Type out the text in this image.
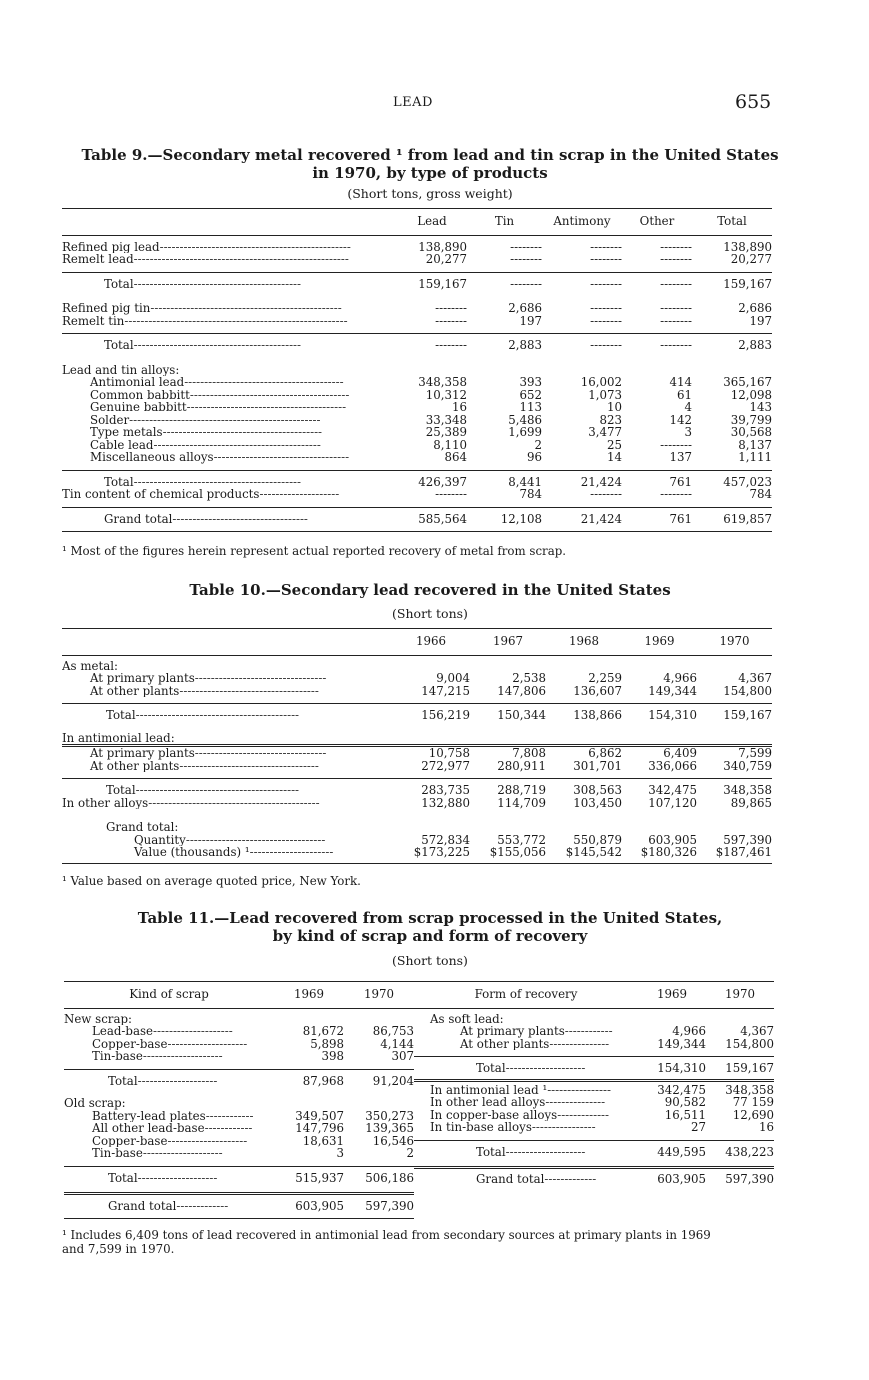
LEAD	655
Table 9.—Secondary metal recovered ¹ from lead and tin scrap in the United States
in 1970, by type of products
(Short tons, gross weight)
	Lead	Tin	Antimony	Other	Total

Refined pig lead------------------------------------------------	138,890	--------	--------	--------	138,890
Remelt lead------------------------------------------------------	20,277	--------	--------	--------	20,277

Total------------------------------------------	159,167	--------	--------	--------	159,167

Refined pig tin------------------------------------------------	--------	2,686	--------	--------	2,686
Remelt tin--------------------------------------------------------	--------	197	--------	--------	197

Total------------------------------------------	--------	2,883	--------	--------	2,883

Lead and tin alloys:					
Antimonial lead----------------------------------------	348,358	393	16,002	414	365,167
Common babbitt----------------------------------------	10,312	652	1,073	61	12,098
Genuine babbitt----------------------------------------	16	113	10	4	143
Solder------------------------------------------------	33,348	5,486	823	142	39,799
Type metals----------------------------------------	25,389	1,699	3,477	3	30,568
Cable lead------------------------------------------	8,110	2	25	--------	8,137
Miscellaneous alloys----------------------------------	864	96	14	137	1,111

Total------------------------------------------	426,397	8,441	21,424	761	457,023
Tin content of chemical products--------------------	--------	784	--------	--------	784

Grand total----------------------------------	585,564	12,108	21,424	761	619,857
¹ Most of the figures herein represent actual reported recovery of metal from scrap.
Table 10.—Secondary lead recovered in the United States
(Short tons)
	1966	1967	1968	1969	1970

As metal:					
At primary plants---------------------------------	9,004	2,538	2,259	4,966	4,367
At other plants-----------------------------------	147,215	147,806	136,607	149,344	154,800

Total-----------------------------------------	156,219	150,344	138,866	154,310	159,167

In antimonial lead:					
At primary plants---------------------------------	10,758	7,808	6,862	6,409	7,599
At other plants-----------------------------------	272,977	280,911	301,701	336,066	340,759

Total-----------------------------------------	283,735	288,719	308,563	342,475	348,358
In other alloys-------------------------------------------	132,880	114,709	103,450	107,120	89,865

Grand total:					
Quantity-----------------------------------	572,834	553,772	550,879	603,905	597,390
Value (thousands) ¹---------------------	$173,225	$155,056	$145,542	$180,326	$187,461
¹ Value based on average quoted price, New York.
Table 11.—Lead recovered from scrap processed in the United States,
by kind of scrap and form of recovery
(Short tons)
Kind of scrap	1969	1970

New scrap:		
Lead-base--------------------	81,672	86,753
Copper-base--------------------	5,898	4,144
Tin-base--------------------	398	307

Total--------------------	87,968	91,204

Old scrap:		
Battery-lead plates------------	349,507	350,273
All other lead-base------------	147,796	139,365
Copper-base--------------------	18,631	16,546
Tin-base--------------------	3	2

Total--------------------	515,937	506,186

Grand total-------------	603,905	597,390
Form of recovery	1969	1970

As soft lead:		
At primary plants------------	4,966	4,367
At other plants---------------	149,344	154,800

Total--------------------	154,310	159,167

In antimonial lead ¹----------------	342,475	348,358
In other lead alloys---------------	90,582	77 159
In copper-base alloys-------------	16,511	12,690
In tin-base alloys----------------	27	16

Total--------------------	449,595	438,223

Grand total-------------	603,905	597,390
¹ Includes 6,409 tons of lead recovered in antimonial lead from secondary sources at primary plants in 1969
and 7,599 in 1970.
